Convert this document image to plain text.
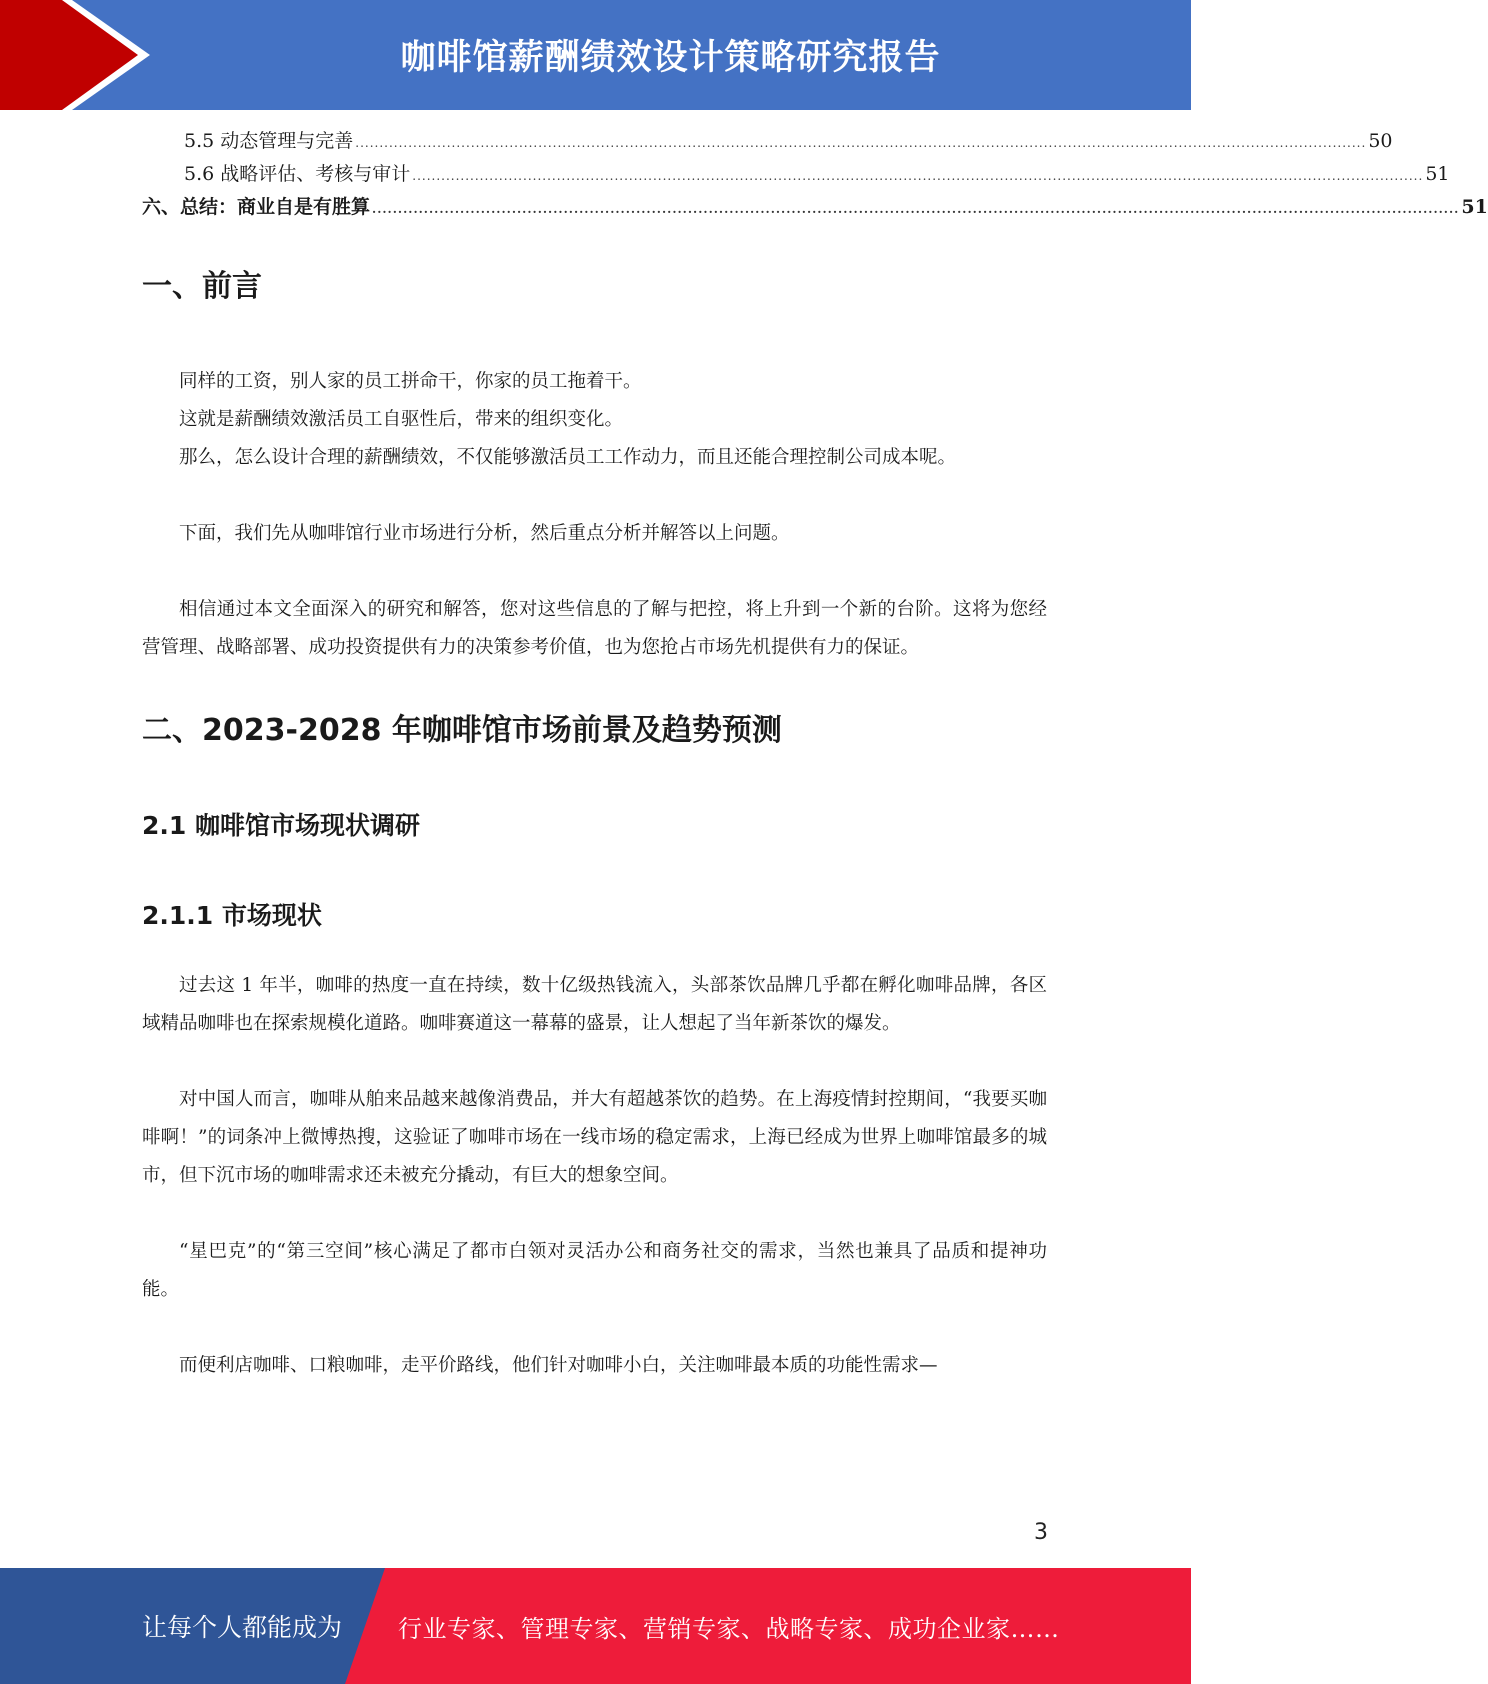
咖啡馆薪酬绩效设计策略研究报告
5.5 动态管理与完善 .................................................................................................................................................................................................................. 50
5.6 战略评估、考核与审计 .................................................................................................................................................................................................................. 51
六、总结：商业自是有胜算 .................................................................................................................................................................................................................. 51
一、前言

同样的工资，别人家的员工拼命干，你家的员工拖着干。

这就是薪酬绩效激活员工自驱性后，带来的组织变化。

那么，怎么设计合理的薪酬绩效，不仅能够激活员工工作动力，而且还能合理控制公司成本呢。

下面，我们先从咖啡馆行业市场进行分析，然后重点分析并解答以上问题。

相信通过本文全面深入的研究和解答，您对这些信息的了解与把控，将上升到一个新的台阶。这将为您经营管理、战略部署、成功投资提供有力的决策参考价值，也为您抢占市场先机提供有力的保证。

二、2023-2028 年咖啡馆市场前景及趋势预测
2.1 咖啡馆市场现状调研
2.1.1 市场现状

过去这 1 年半，咖啡的热度一直在持续，数十亿级热钱流入，头部茶饮品牌几乎都在孵化咖啡品牌，各区域精品咖啡也在探索规模化道路。咖啡赛道这一幕幕的盛景，让人想起了当年新茶饮的爆发。

对中国人而言，咖啡从舶来品越来越像消费品，并大有超越茶饮的趋势。在上海疫情封控期间，“我要买咖啡啊！”的词条冲上微博热搜，这验证了咖啡市场在一线市场的稳定需求，上海已经成为世界上咖啡馆最多的城市，但下沉市场的咖啡需求还未被充分撬动，有巨大的想象空间。

“星巴克”的“第三空间”核心满足了都市白领对灵活办公和商务社交的需求，当然也兼具了品质和提神功能。

而便利店咖啡、口粮咖啡，走平价路线，他们针对咖啡小白，关注咖啡最本质的功能性需求—

3
让每个人都能成为 行业专家、管理专家、营销专家、战略专家、成功企业家……
